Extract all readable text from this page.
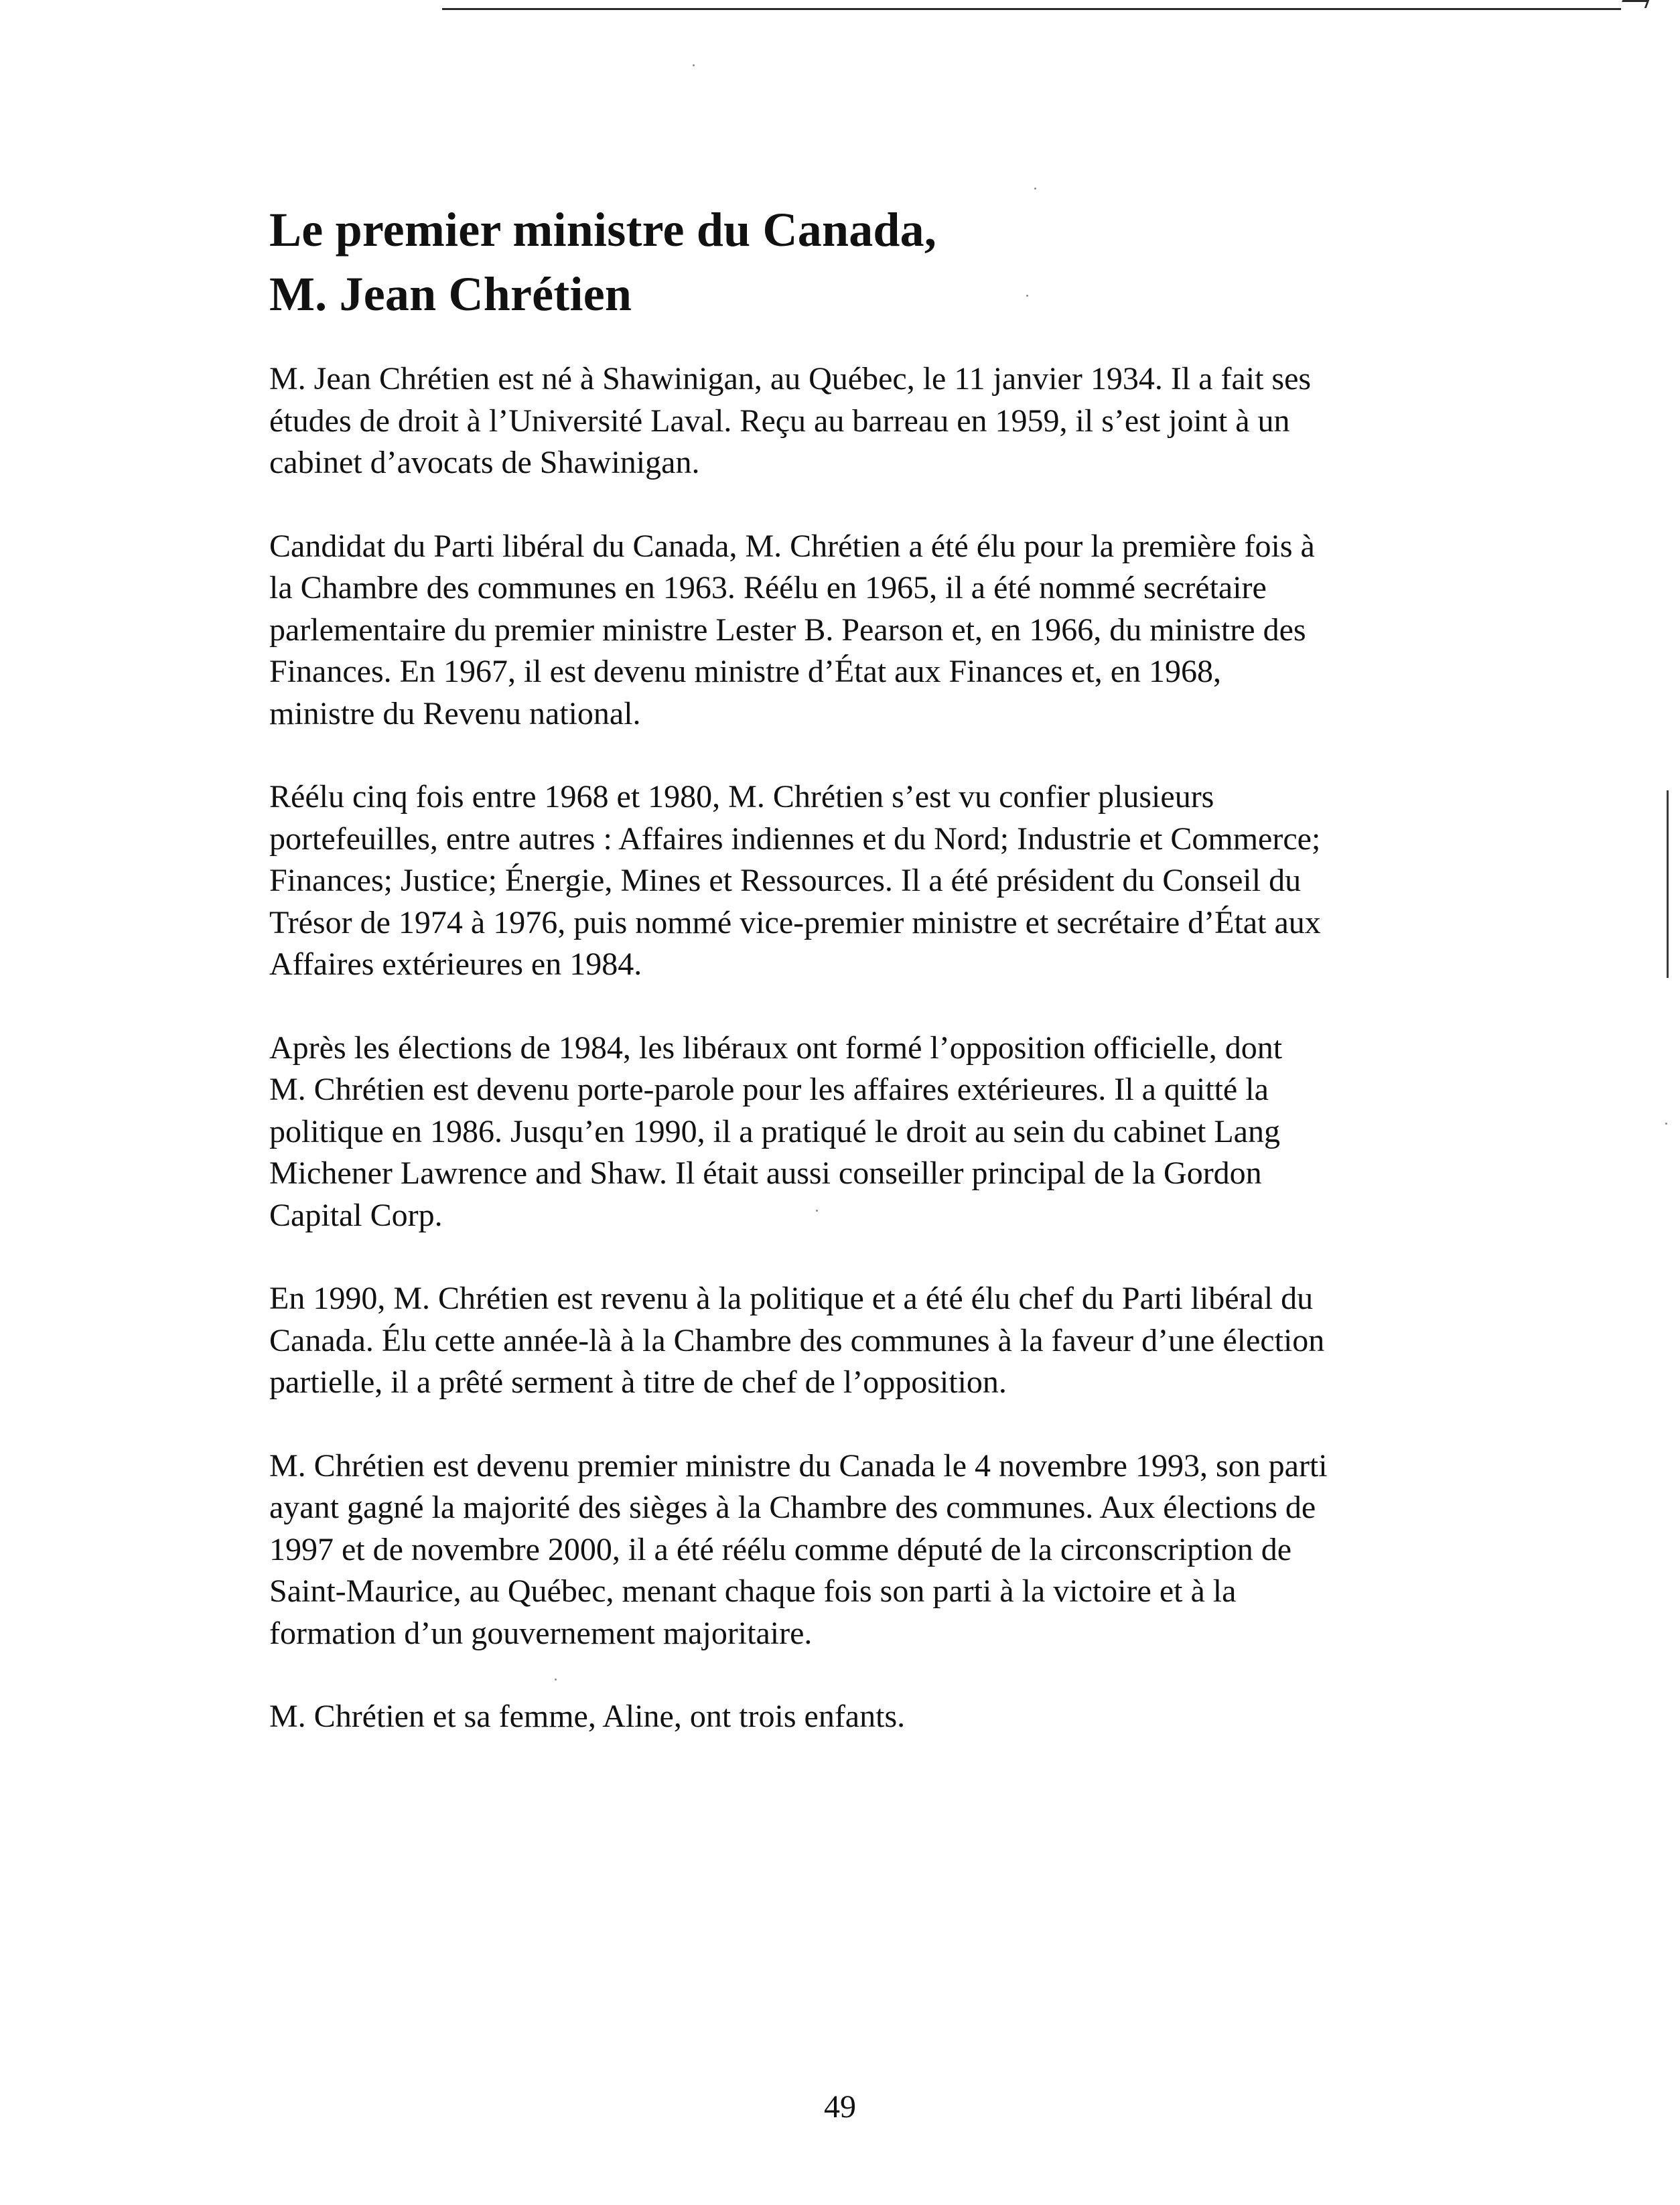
Le premier ministre du Canada,
M. Jean Chrétien

M. Jean Chrétien est né à Shawinigan, au Québec, le 11 janvier 1934. Il a fait ses
études de droit à l’Université Laval. Reçu au barreau en 1959, il s’est joint à un
cabinet d’avocats de Shawinigan.

Candidat du Parti libéral du Canada, M. Chrétien a été élu pour la première fois à
la Chambre des communes en 1963. Réélu en 1965, il a été nommé secrétaire
parlementaire du premier ministre Lester B. Pearson et, en 1966, du ministre des
Finances. En 1967, il est devenu ministre d’État aux Finances et, en 1968,
ministre du Revenu national.

Réélu cinq fois entre 1968 et 1980, M. Chrétien s’est vu confier plusieurs
portefeuilles, entre autres : Affaires indiennes et du Nord; Industrie et Commerce;
Finances; Justice; Énergie, Mines et Ressources. Il a été président du Conseil du
Trésor de 1974 à 1976, puis nommé vice-premier ministre et secrétaire d’État aux
Affaires extérieures en 1984.

Après les élections de 1984, les libéraux ont formé l’opposition officielle, dont
M. Chrétien est devenu porte-parole pour les affaires extérieures. Il a quitté la
politique en 1986. Jusqu’en 1990, il a pratiqué le droit au sein du cabinet Lang
Michener Lawrence and Shaw. Il était aussi conseiller principal de la Gordon
Capital Corp.

En 1990, M. Chrétien est revenu à la politique et a été élu chef du Parti libéral du
Canada. Élu cette année-là à la Chambre des communes à la faveur d’une élection
partielle, il a prêté serment à titre de chef de l’opposition.

M. Chrétien est devenu premier ministre du Canada le 4 novembre 1993, son parti
ayant gagné la majorité des sièges à la Chambre des communes. Aux élections de
1997 et de novembre 2000, il a été réélu comme député de la circonscription de
Saint-Maurice, au Québec, menant chaque fois son parti à la victoire et à la
formation d’un gouvernement majoritaire.

M. Chrétien et sa femme, Aline, ont trois enfants.

49
